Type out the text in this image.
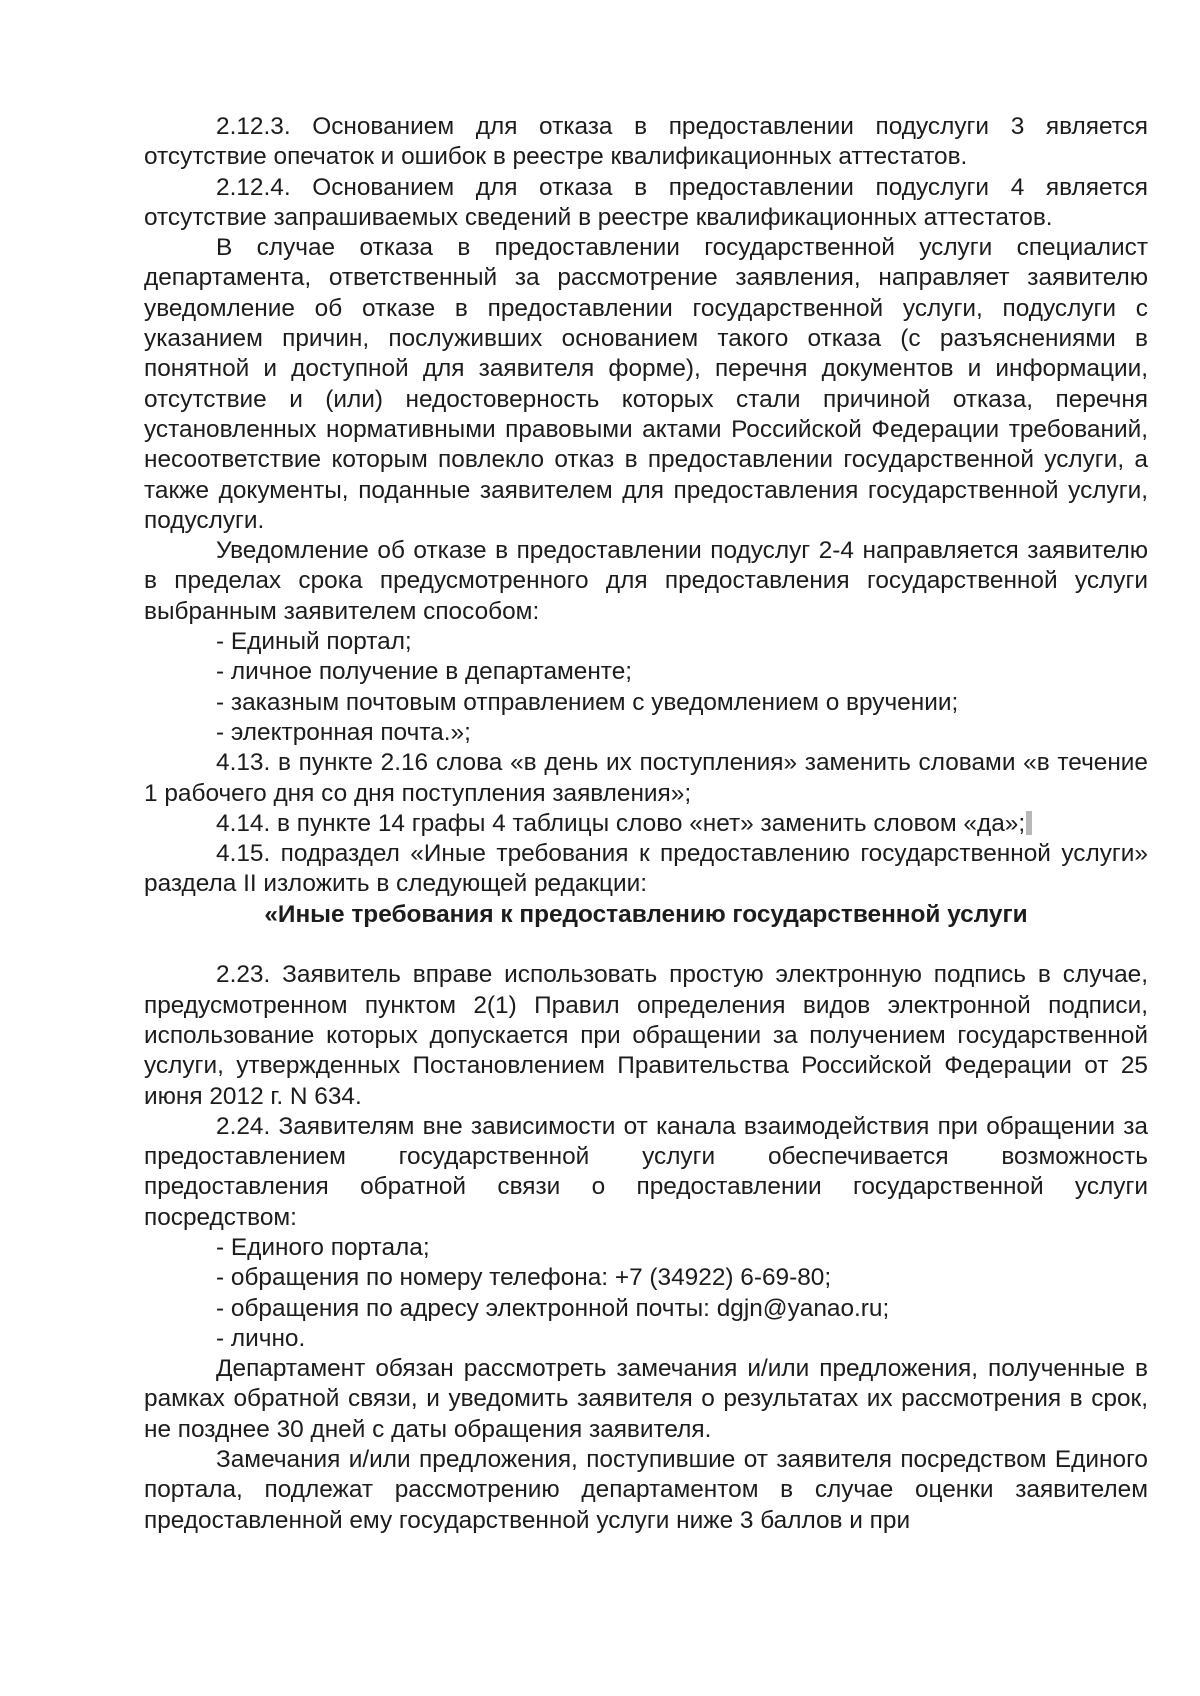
2.12.3. Основанием для отказа в предоставлении подуслуги 3 является отсутствие опечаток и ошибок в реестре квалификационных аттестатов.

2.12.4. Основанием для отказа в предоставлении подуслуги 4 является отсутствие запрашиваемых сведений в реестре квалификационных аттестатов.

В случае отказа в предоставлении государственной услуги специалист департамента, ответственный за рассмотрение заявления, направляет заявителю уведомление об отказе в предоставлении государственной услуги, подуслуги с указанием причин, послуживших основанием такого отказа (с разъяснениями в понятной и доступной для заявителя форме), перечня документов и информации, отсутствие и (или) недостоверность которых стали причиной отказа, перечня установленных нормативными правовыми актами Российской Федерации требований, несоответствие которым повлекло отказ в предоставлении государственной услуги, а также документы, поданные заявителем для предоставления государственной услуги, подуслуги.

Уведомление об отказе в предоставлении подуслуг 2-4 направляется заявителю в пределах срока предусмотренного для предоставления государственной услуги выбранным заявителем способом:

- Единый портал;

- личное получение в департаменте;

- заказным почтовым отправлением с уведомлением о вручении;

- электронная почта.»;

4.13. в пункте 2.16 слова «в день их поступления» заменить словами «в течение 1 рабочего дня со дня поступления заявления»;

4.14. в пункте 14 графы 4 таблицы слово «нет» заменить словом «да»;

4.15. подраздел «Иные требования к предоставлению государственной услуги» раздела II изложить в следующей редакции:

«Иные требования к предоставлению государственной услуги

2.23. Заявитель вправе использовать простую электронную подпись в случае, предусмотренном пунктом 2(1) Правил определения видов электронной подписи, использование которых допускается при обращении за получением государственной услуги, утвержденных Постановлением Правительства Российской Федерации от 25 июня 2012 г. N 634.

2.24. Заявителям вне зависимости от канала взаимодействия при обращении за предоставлением государственной услуги обеспечивается возможность предоставления обратной связи о предоставлении государственной услуги посредством:

- Единого портала;

- обращения по номеру телефона: +7 (34922) 6-69-80;

- обращения по адресу электронной почты: dgjn@yanao.ru;

- лично.

Департамент обязан рассмотреть замечания и/или предложения, полученные в рамках обратной связи, и уведомить заявителя о результатах их рассмотрения в срок, не позднее 30 дней с даты обращения заявителя.

Замечания и/или предложения, поступившие от заявителя посредством Единого портала, подлежат рассмотрению департаментом в случае оценки заявителем предоставленной ему государственной услуги ниже 3 баллов и при
